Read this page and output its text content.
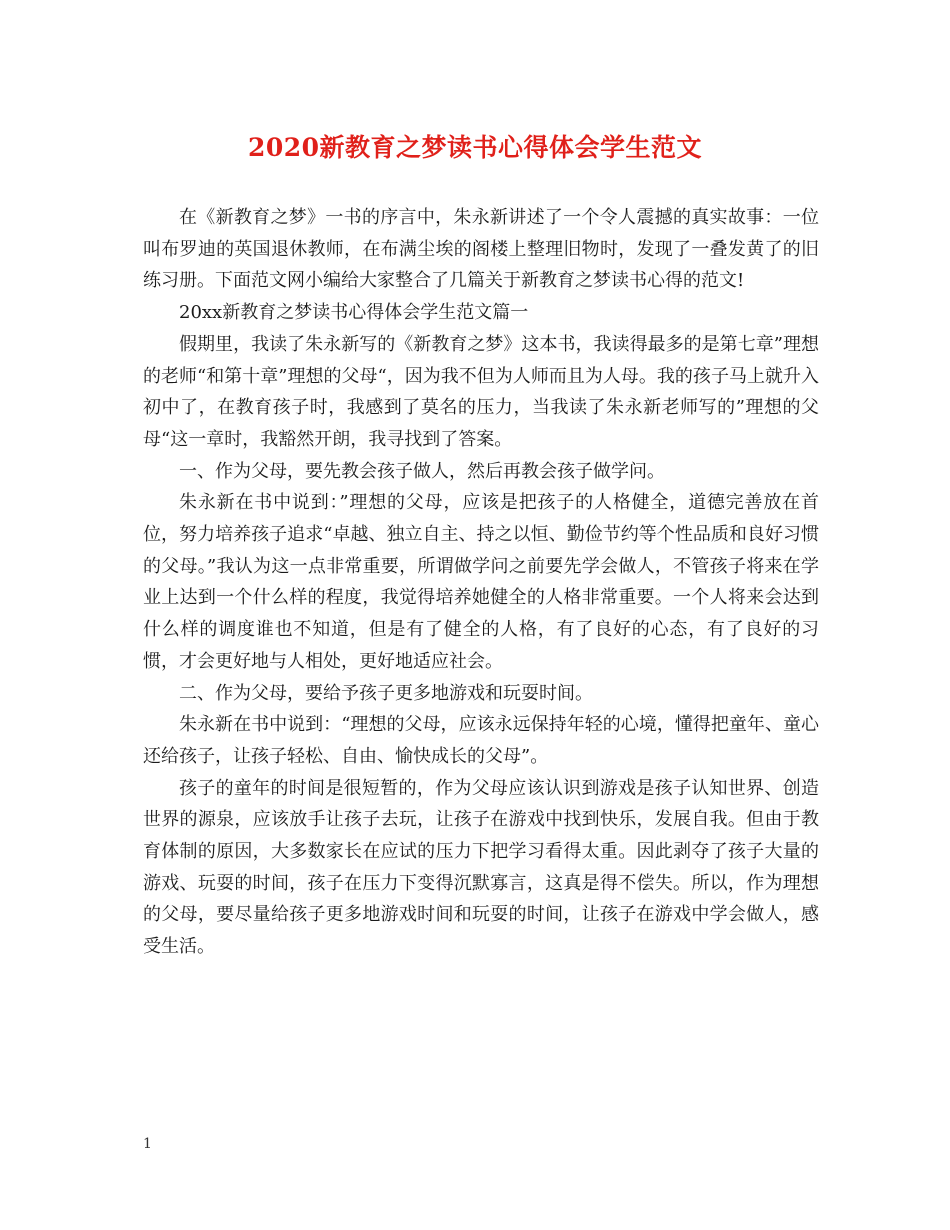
2020新教育之梦读书心得体会学生范文

在《新教育之梦》一书的序言中，朱永新讲述了一个令人震撼的真实故事：一位叫布罗迪的英国退休教师，在布满尘埃的阁楼上整理旧物时，发现了一叠发黄了的旧练习册。下面范文网小编给大家整合了几篇关于新教育之梦读书心得的范文!

20xx新教育之梦读书心得体会学生范文篇一

假期里，我读了朱永新写的《新教育之梦》这本书，我读得最多的是第七章”理想的老师“和第十章”理想的父母“，因为我不但为人师而且为人母。我的孩子马上就升入初中了，在教育孩子时，我感到了莫名的压力，当我读了朱永新老师写的”理想的父母“这一章时，我豁然开朗，我寻找到了答案。

一、作为父母，要先教会孩子做人，然后再教会孩子做学问。

朱永新在书中说到：”理想的父母，应该是把孩子的人格健全，道德完善放在首位，努力培养孩子追求“卓越、独立自主、持之以恒、勤俭节约等个性品质和良好习惯的父母。”我认为这一点非常重要，所谓做学问之前要先学会做人，不管孩子将来在学业上达到一个什么样的程度，我觉得培养她健全的人格非常重要。一个人将来会达到什么样的调度谁也不知道，但是有了健全的人格，有了良好的心态，有了良好的习惯，才会更好地与人相处，更好地适应社会。

二、作为父母，要给予孩子更多地游戏和玩耍时间。

朱永新在书中说到：“理想的父母，应该永远保持年轻的心境，懂得把童年、童心还给孩子，让孩子轻松、自由、愉快成长的父母”。

孩子的童年的时间是很短暂的，作为父母应该认识到游戏是孩子认知世界、创造世界的源泉，应该放手让孩子去玩，让孩子在游戏中找到快乐，发展自我。但由于教育体制的原因，大多数家长在应试的压力下把学习看得太重。因此剥夺了孩子大量的游戏、玩耍的时间，孩子在压力下变得沉默寡言，这真是得不偿失。所以，作为理想的父母，要尽量给孩子更多地游戏时间和玩耍的时间，让孩子在游戏中学会做人，感受生活。

1
